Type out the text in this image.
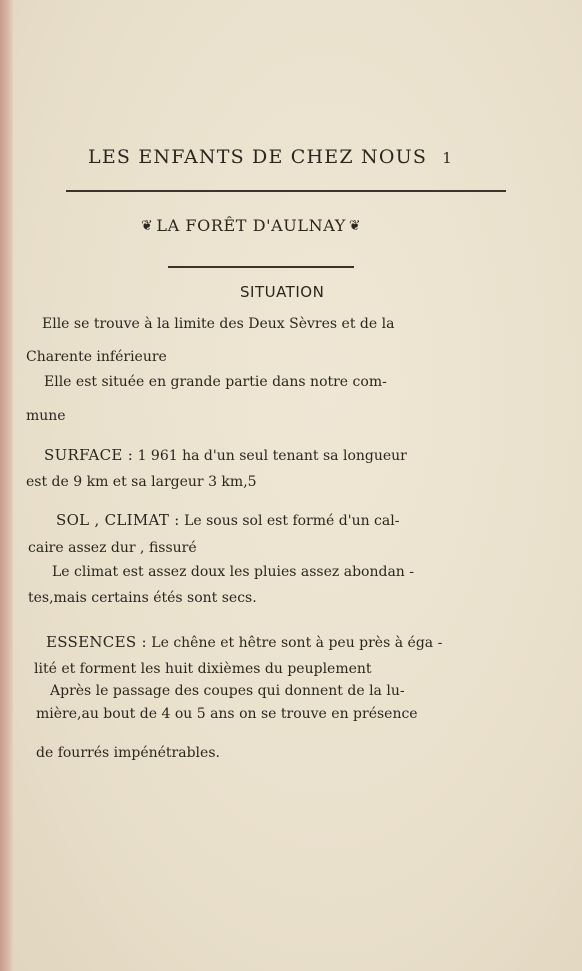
LES ENFANTS DE CHEZ NOUS 1
❦ LA FORÊT D'AULNAY ❦
SITUATION
Elle se trouve à la limite des Deux Sèvres et de la
Charente inférieure
Elle est située en grande partie dans notre com-
mune
SURFACE : 1 961 ha d'un seul tenant sa longueur
est de 9 km et sa largeur 3 km,5
SOL , CLIMAT : Le sous sol est formé d'un cal-
caire assez dur , fissuré
Le climat est assez doux les pluies assez abondan -
tes,mais certains étés sont secs.
ESSENCES : Le chêne et hêtre sont à peu près à éga -
lité et forment les huit dixièmes du peuplement
Après le passage des coupes qui donnent de la lu-
mière,au bout de 4 ou 5 ans on se trouve en présence
de fourrés impénétrables.
